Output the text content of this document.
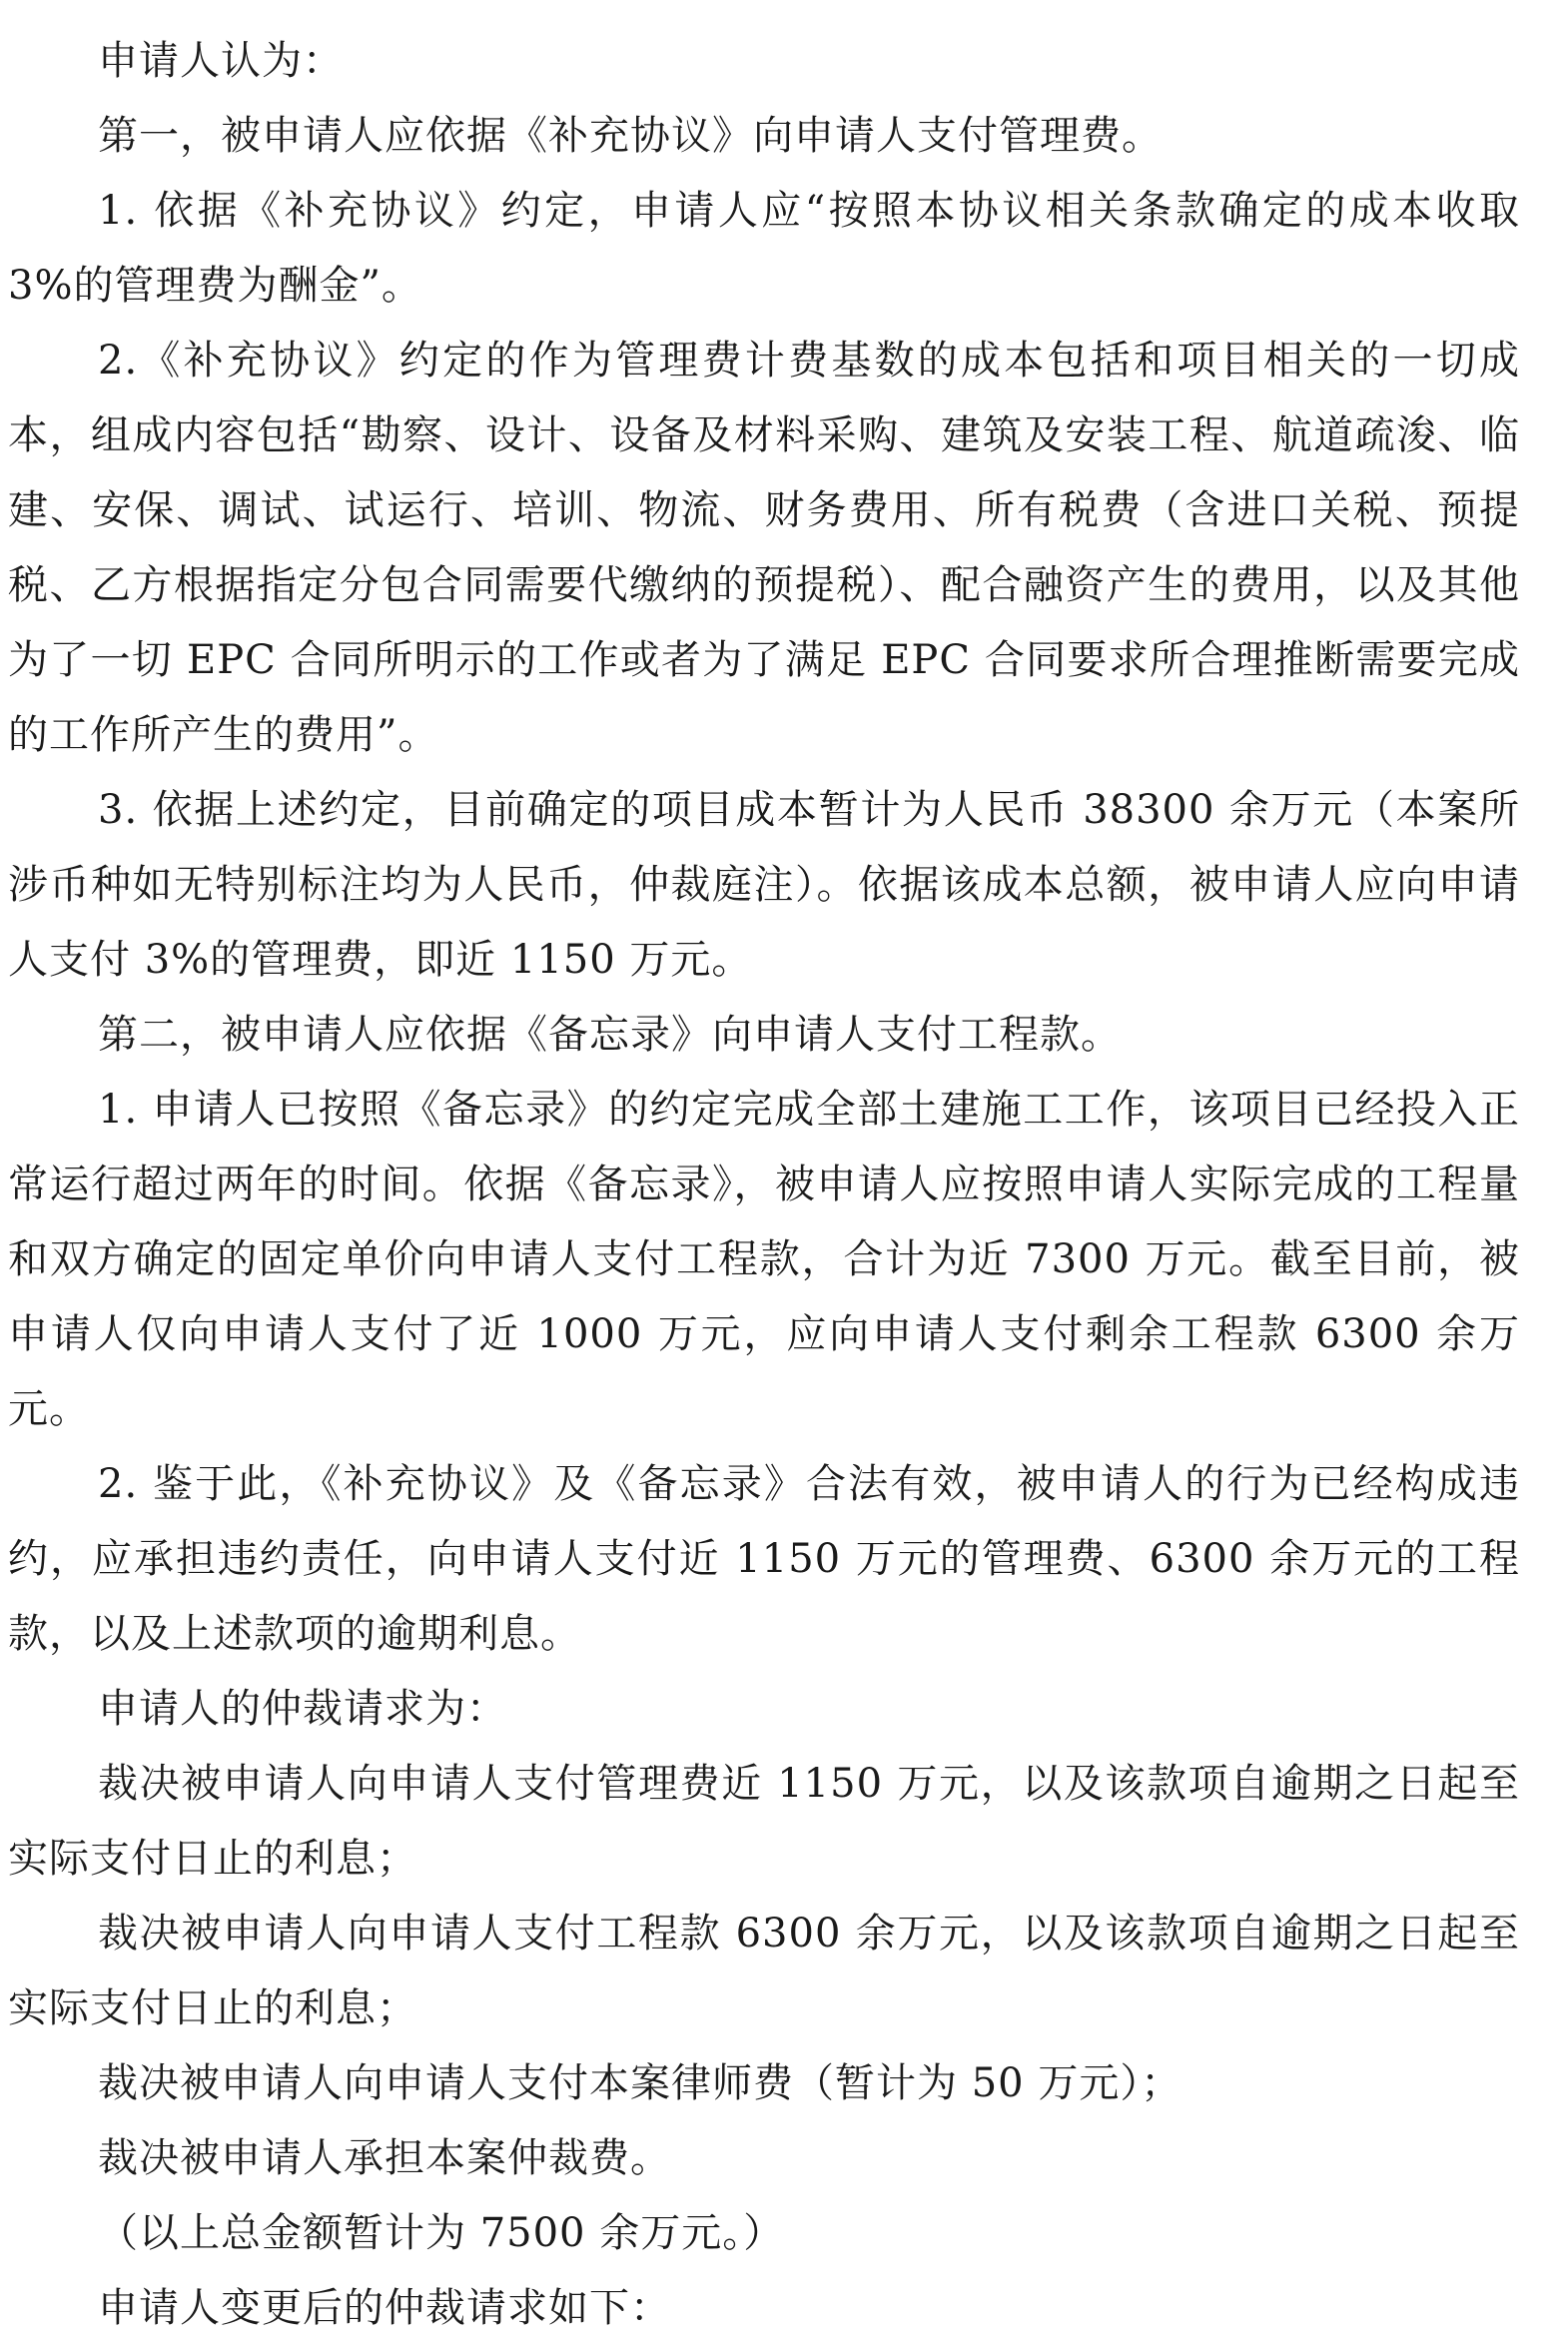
申请人认为：

第一，被申请人应依据《补充协议》向申请人支付管理费。

1. 依据《补充协议》约定，申请人应“按照本协议相关条款确定的成本收取 3%的管理费为酬金”。

2.《补充协议》约定的作为管理费计费基数的成本包括和项目相关的一切成本，组成内容包括“勘察、设计、设备及材料采购、建筑及安装工程、航道疏浚、临建、安保、调试、试运行、培训、物流、财务费用、所有税费（含进口关税、预提税、乙方根据指定分包合同需要代缴纳的预提税）、配合融资产生的费用，以及其他为了一切 EPC 合同所明示的工作或者为了满足 EPC 合同要求所合理推断需要完成的工作所产生的费用”。

3. 依据上述约定，目前确定的项目成本暂计为人民币 38300 余万元（本案所涉币种如无特别标注均为人民币，仲裁庭注）。依据该成本总额，被申请人应向申请人支付 3%的管理费，即近 1150 万元。

第二，被申请人应依据《备忘录》向申请人支付工程款。

1. 申请人已按照《备忘录》的约定完成全部土建施工工作，该项目已经投入正常运行超过两年的时间。依据《备忘录》，被申请人应按照申请人实际完成的工程量和双方确定的固定单价向申请人支付工程款，合计为近 7300 万元。截至目前，被申请人仅向申请人支付了近 1000 万元，应向申请人支付剩余工程款 6300 余万元。

2. 鉴于此，《补充协议》及《备忘录》合法有效，被申请人的行为已经构成违约，应承担违约责任，向申请人支付近 1150 万元的管理费、6300 余万元的工程款，以及上述款项的逾期利息。

申请人的仲裁请求为：

裁决被申请人向申请人支付管理费近 1150 万元，以及该款项自逾期之日起至实际支付日止的利息；

裁决被申请人向申请人支付工程款 6300 余万元，以及该款项自逾期之日起至实际支付日止的利息；

裁决被申请人向申请人支付本案律师费（暂计为 50 万元）；

裁决被申请人承担本案仲裁费。

（以上总金额暂计为 7500 余万元。）

申请人变更后的仲裁请求如下：
